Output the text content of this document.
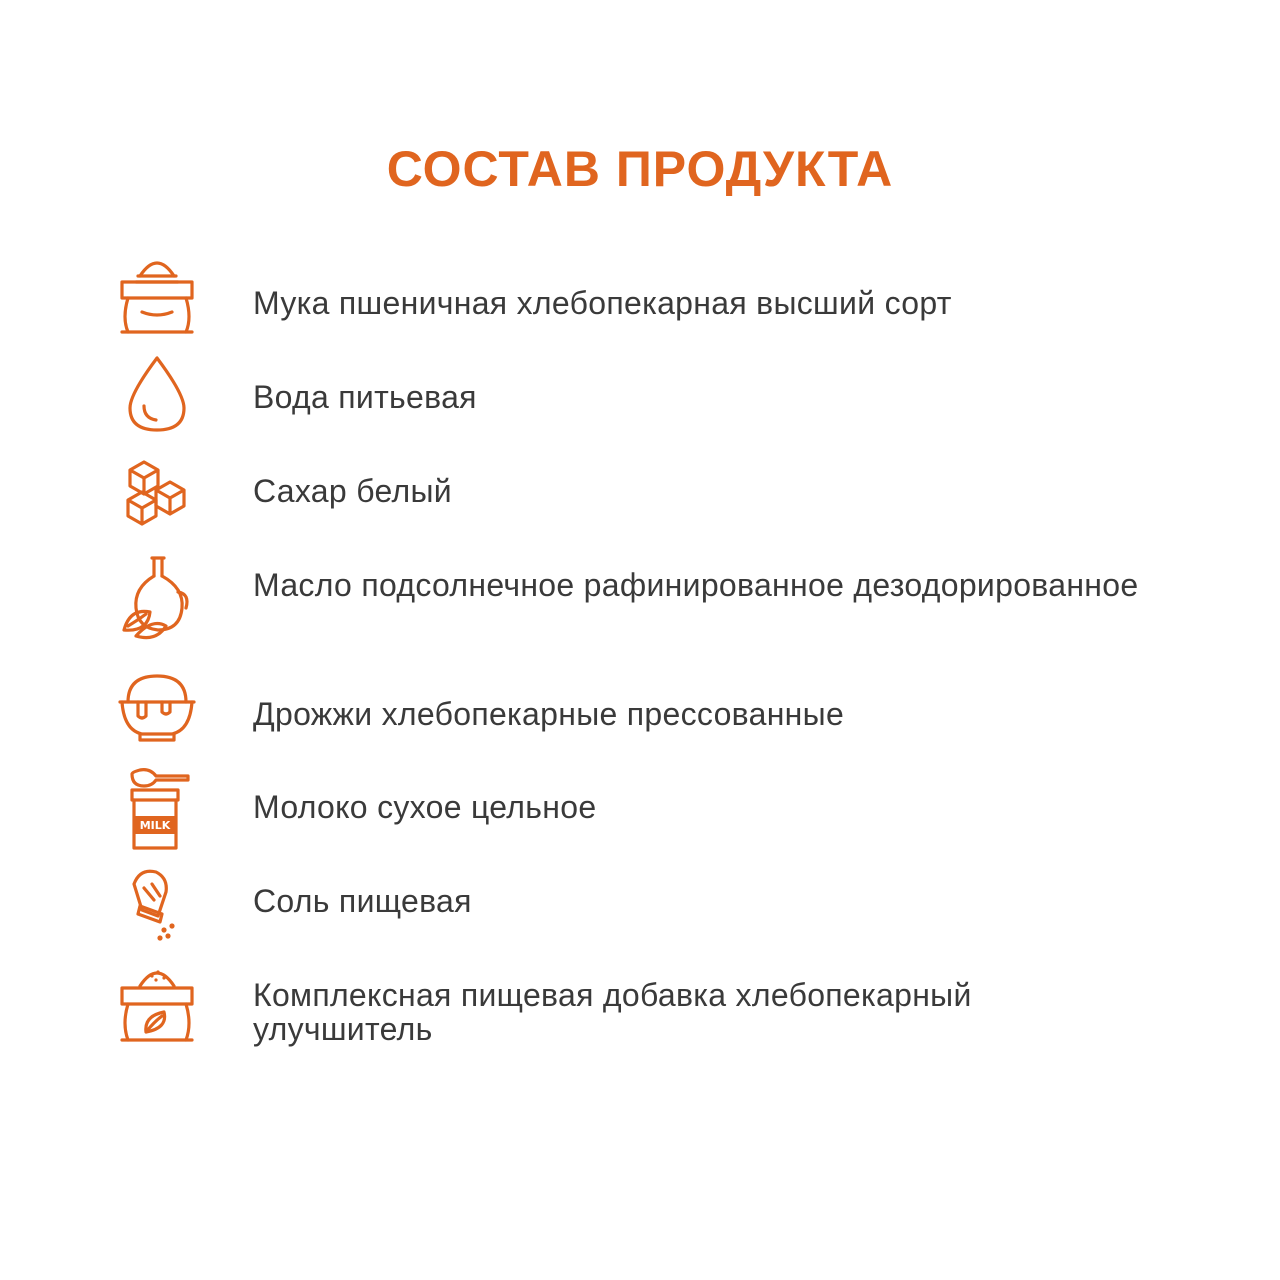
СОСТАВ ПРОДУКТА
Мука пшеничная хлебопекарная высший сорт
Вода питьевая
Сахар белый
Масло подсолнечное рафинированное дезодорированное
Дрожжи хлебопекарные прессованные
MILK
Молоко сухое цельное
Соль пищевая
Комплексная пищевая добавка хлебопекарный улучшитель
